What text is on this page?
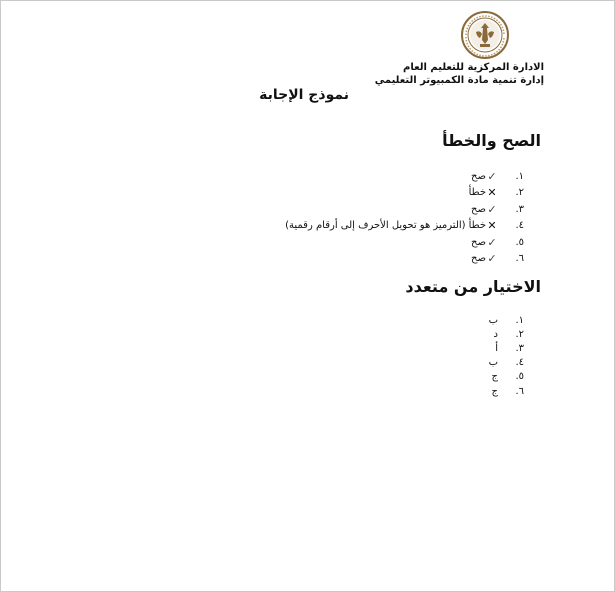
الادارة المركزية للتعليم العام
إدارة تنمية مادة الكمبيوتر التعليمي
نموذج الإجابة
الصح والخطأ
١.
✓
صح
٢.
✕
خطأ
٣.
✓
صح
٤.
✕
خطأ
(الترميز هو تحويل الأحرف إلى أرقام رقمية)
٥.
✓
صح
٦.
✓
صح
الاختيار من متعدد
١.
ب
٢.
د
٣.
أ
٤.
ب
٥.
ج
٦.
ج
